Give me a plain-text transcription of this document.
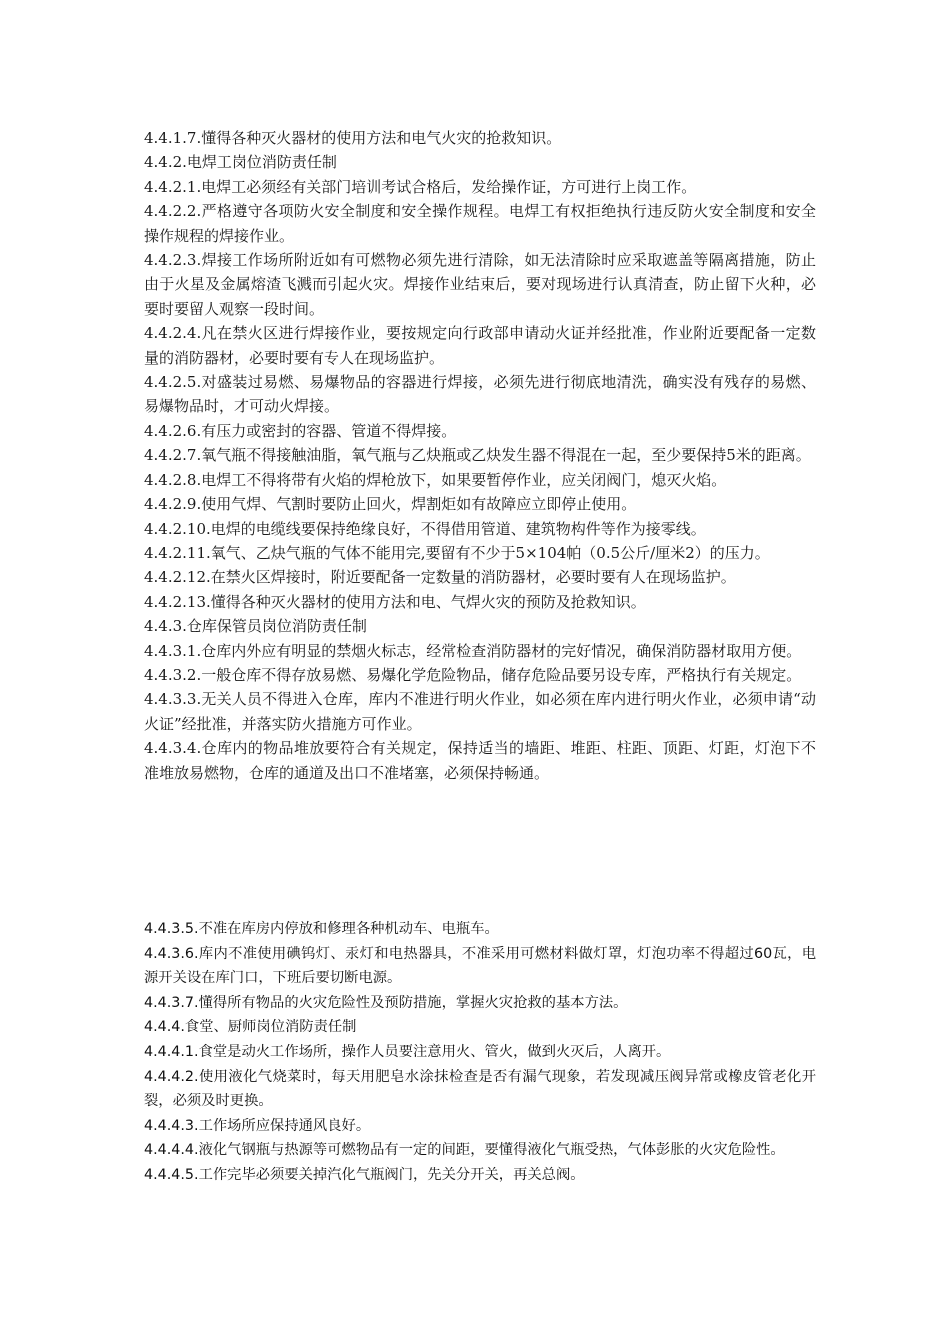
4.4.1.7.懂得各种灭火器材的使用方法和电气火灾的抢救知识。

4.4.2.电焊工岗位消防责任制

4.4.2.1.电焊工必须经有关部门培训考试合格后，发给操作证，方可进行上岗工作。

4.4.2.2.严格遵守各项防火安全制度和安全操作规程。电焊工有权拒绝执行违反防火安全制度和安全操作规程的焊接作业。

4.4.2.3.焊接工作场所附近如有可燃物必须先进行清除，如无法清除时应采取遮盖等隔离措施，防止由于火星及金属熔渣飞溅而引起火灾。焊接作业结束后，要对现场进行认真清查，防止留下火种，必要时要留人观察一段时间。

4.4.2.4.凡在禁火区进行焊接作业，要按规定向行政部申请动火证并经批准，作业附近要配备一定数量的消防器材，必要时要有专人在现场监护。

4.4.2.5.对盛装过易燃、易爆物品的容器进行焊接，必须先进行彻底地清洗，确实没有残存的易燃、易爆物品时，才可动火焊接。

4.4.2.6.有压力或密封的容器、管道不得焊接。

4.4.2.7.氧气瓶不得接触油脂，氧气瓶与乙炔瓶或乙炔发生器不得混在一起，至少要保持5米的距离。

4.4.2.8.电焊工不得将带有火焰的焊枪放下，如果要暂停作业，应关闭阀门，熄灭火焰。

4.4.2.9.使用气焊、气割时要防止回火，焊割炬如有故障应立即停止使用。

4.4.2.10.电焊的电缆线要保持绝缘良好，不得借用管道、建筑物构件等作为接零线。

4.4.2.11.氧气、乙炔气瓶的气体不能用完,要留有不少于5×104帕（0.5公斤/厘米2）的压力。

4.4.2.12.在禁火区焊接时，附近要配备一定数量的消防器材，必要时要有人在现场监护。

4.4.2.13.懂得各种灭火器材的使用方法和电、气焊火灾的预防及抢救知识。

4.4.3.仓库保管员岗位消防责任制

4.4.3.1.仓库内外应有明显的禁烟火标志，经常检查消防器材的完好情况，确保消防器材取用方便。

4.4.3.2.一般仓库不得存放易燃、易爆化学危险物品，储存危险品要另设专库，严格执行有关规定。

4.4.3.3.无关人员不得进入仓库，库内不准进行明火作业，如必须在库内进行明火作业，必须申请“动火证”经批准，并落实防火措施方可作业。

4.4.3.4.仓库内的物品堆放要符合有关规定，保持适当的墙距、堆距、柱距、顶距、灯距，灯泡下不准堆放易燃物，仓库的通道及出口不准堵塞，必须保持畅通。

4.4.3.5.不准在库房内停放和修理各种机动车、电瓶车。

4.4.3.6.库内不准使用碘钨灯、汞灯和电热器具，不准采用可燃材料做灯罩，灯泡功率不得超过60瓦，电源开关设在库门口，下班后要切断电源。

4.4.3.7.懂得所有物品的火灾危险性及预防措施，掌握火灾抢救的基本方法。

4.4.4.食堂、厨师岗位消防责任制

4.4.4.1.食堂是动火工作场所，操作人员要注意用火、管火，做到火灭后，人离开。

4.4.4.2.使用液化气烧菜时，每天用肥皂水涂抹检查是否有漏气现象，若发现减压阀异常或橡皮管老化开裂，必须及时更换。

4.4.4.3.工作场所应保持通风良好。

4.4.4.4.液化气钢瓶与热源等可燃物品有一定的间距，要懂得液化气瓶受热，气体彭胀的火灾危险性。

4.4.4.5.工作完毕必须要关掉汽化气瓶阀门，先关分开关，再关总阀。
